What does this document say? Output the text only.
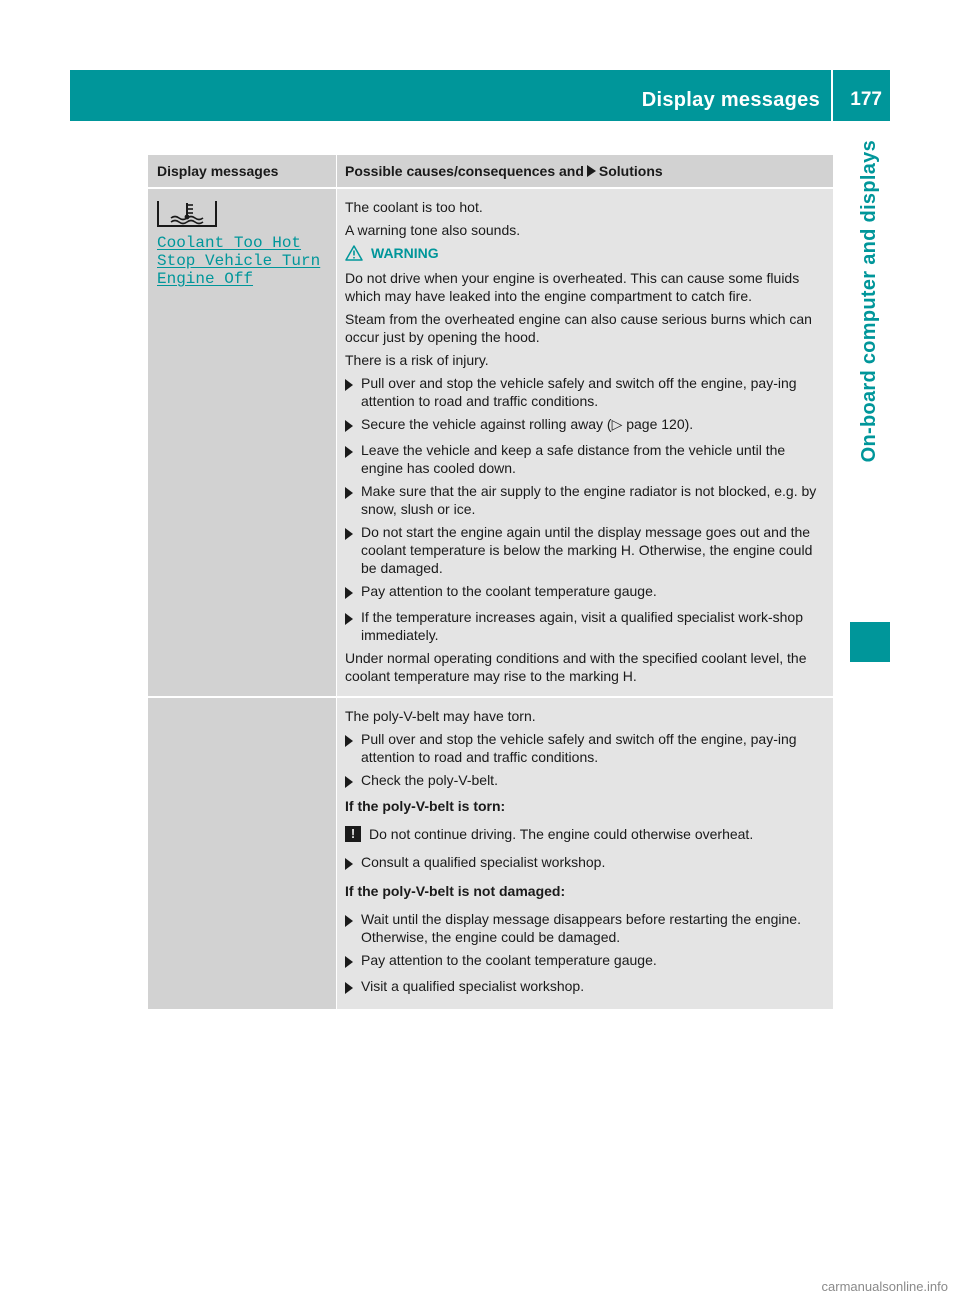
Display messages 177
On-board computer and displays
Display messages	Possible causes/consequences and Solutions
Coolant Too Hot
Stop Vehicle Turn
Engine Off

The coolant is too hot.

A warning tone also sounds.

WARNING

Do not drive when your engine is overheated. This can cause some fluids which may have leaked into the engine compartment to catch fire.

Steam from the overheated engine can also cause serious burns which can occur just by opening the hood.

There is a risk of injury.

Pull over and stop the vehicle safely and switch off the engine, pay-ing attention to road and traffic conditions.
Secure the vehicle against rolling away (▷ page 120).
Leave the vehicle and keep a safe distance from the vehicle until the engine has cooled down.
Make sure that the air supply to the engine radiator is not blocked, e.g. by snow, slush or ice.
Do not start the engine again until the display message goes out and the coolant temperature is below the marking H. Otherwise, the engine could be damaged.
Pay attention to the coolant temperature gauge.
If the temperature increases again, visit a qualified specialist work-shop immediately.

Under normal operating conditions and with the specified coolant level, the coolant temperature may rise to the marking H.

The poly-V-belt may have torn.

Pull over and stop the vehicle safely and switch off the engine, pay-ing attention to road and traffic conditions.
Check the poly-V-belt.
If the poly-V-belt is torn:
! Do not continue driving. The engine could otherwise overheat.
Consult a qualified specialist workshop.
If the poly-V-belt is not damaged:
Wait until the display message disappears before restarting the engine. Otherwise, the engine could be damaged.
Pay attention to the coolant temperature gauge.
Visit a qualified specialist workshop.
carmanualsonline.info
